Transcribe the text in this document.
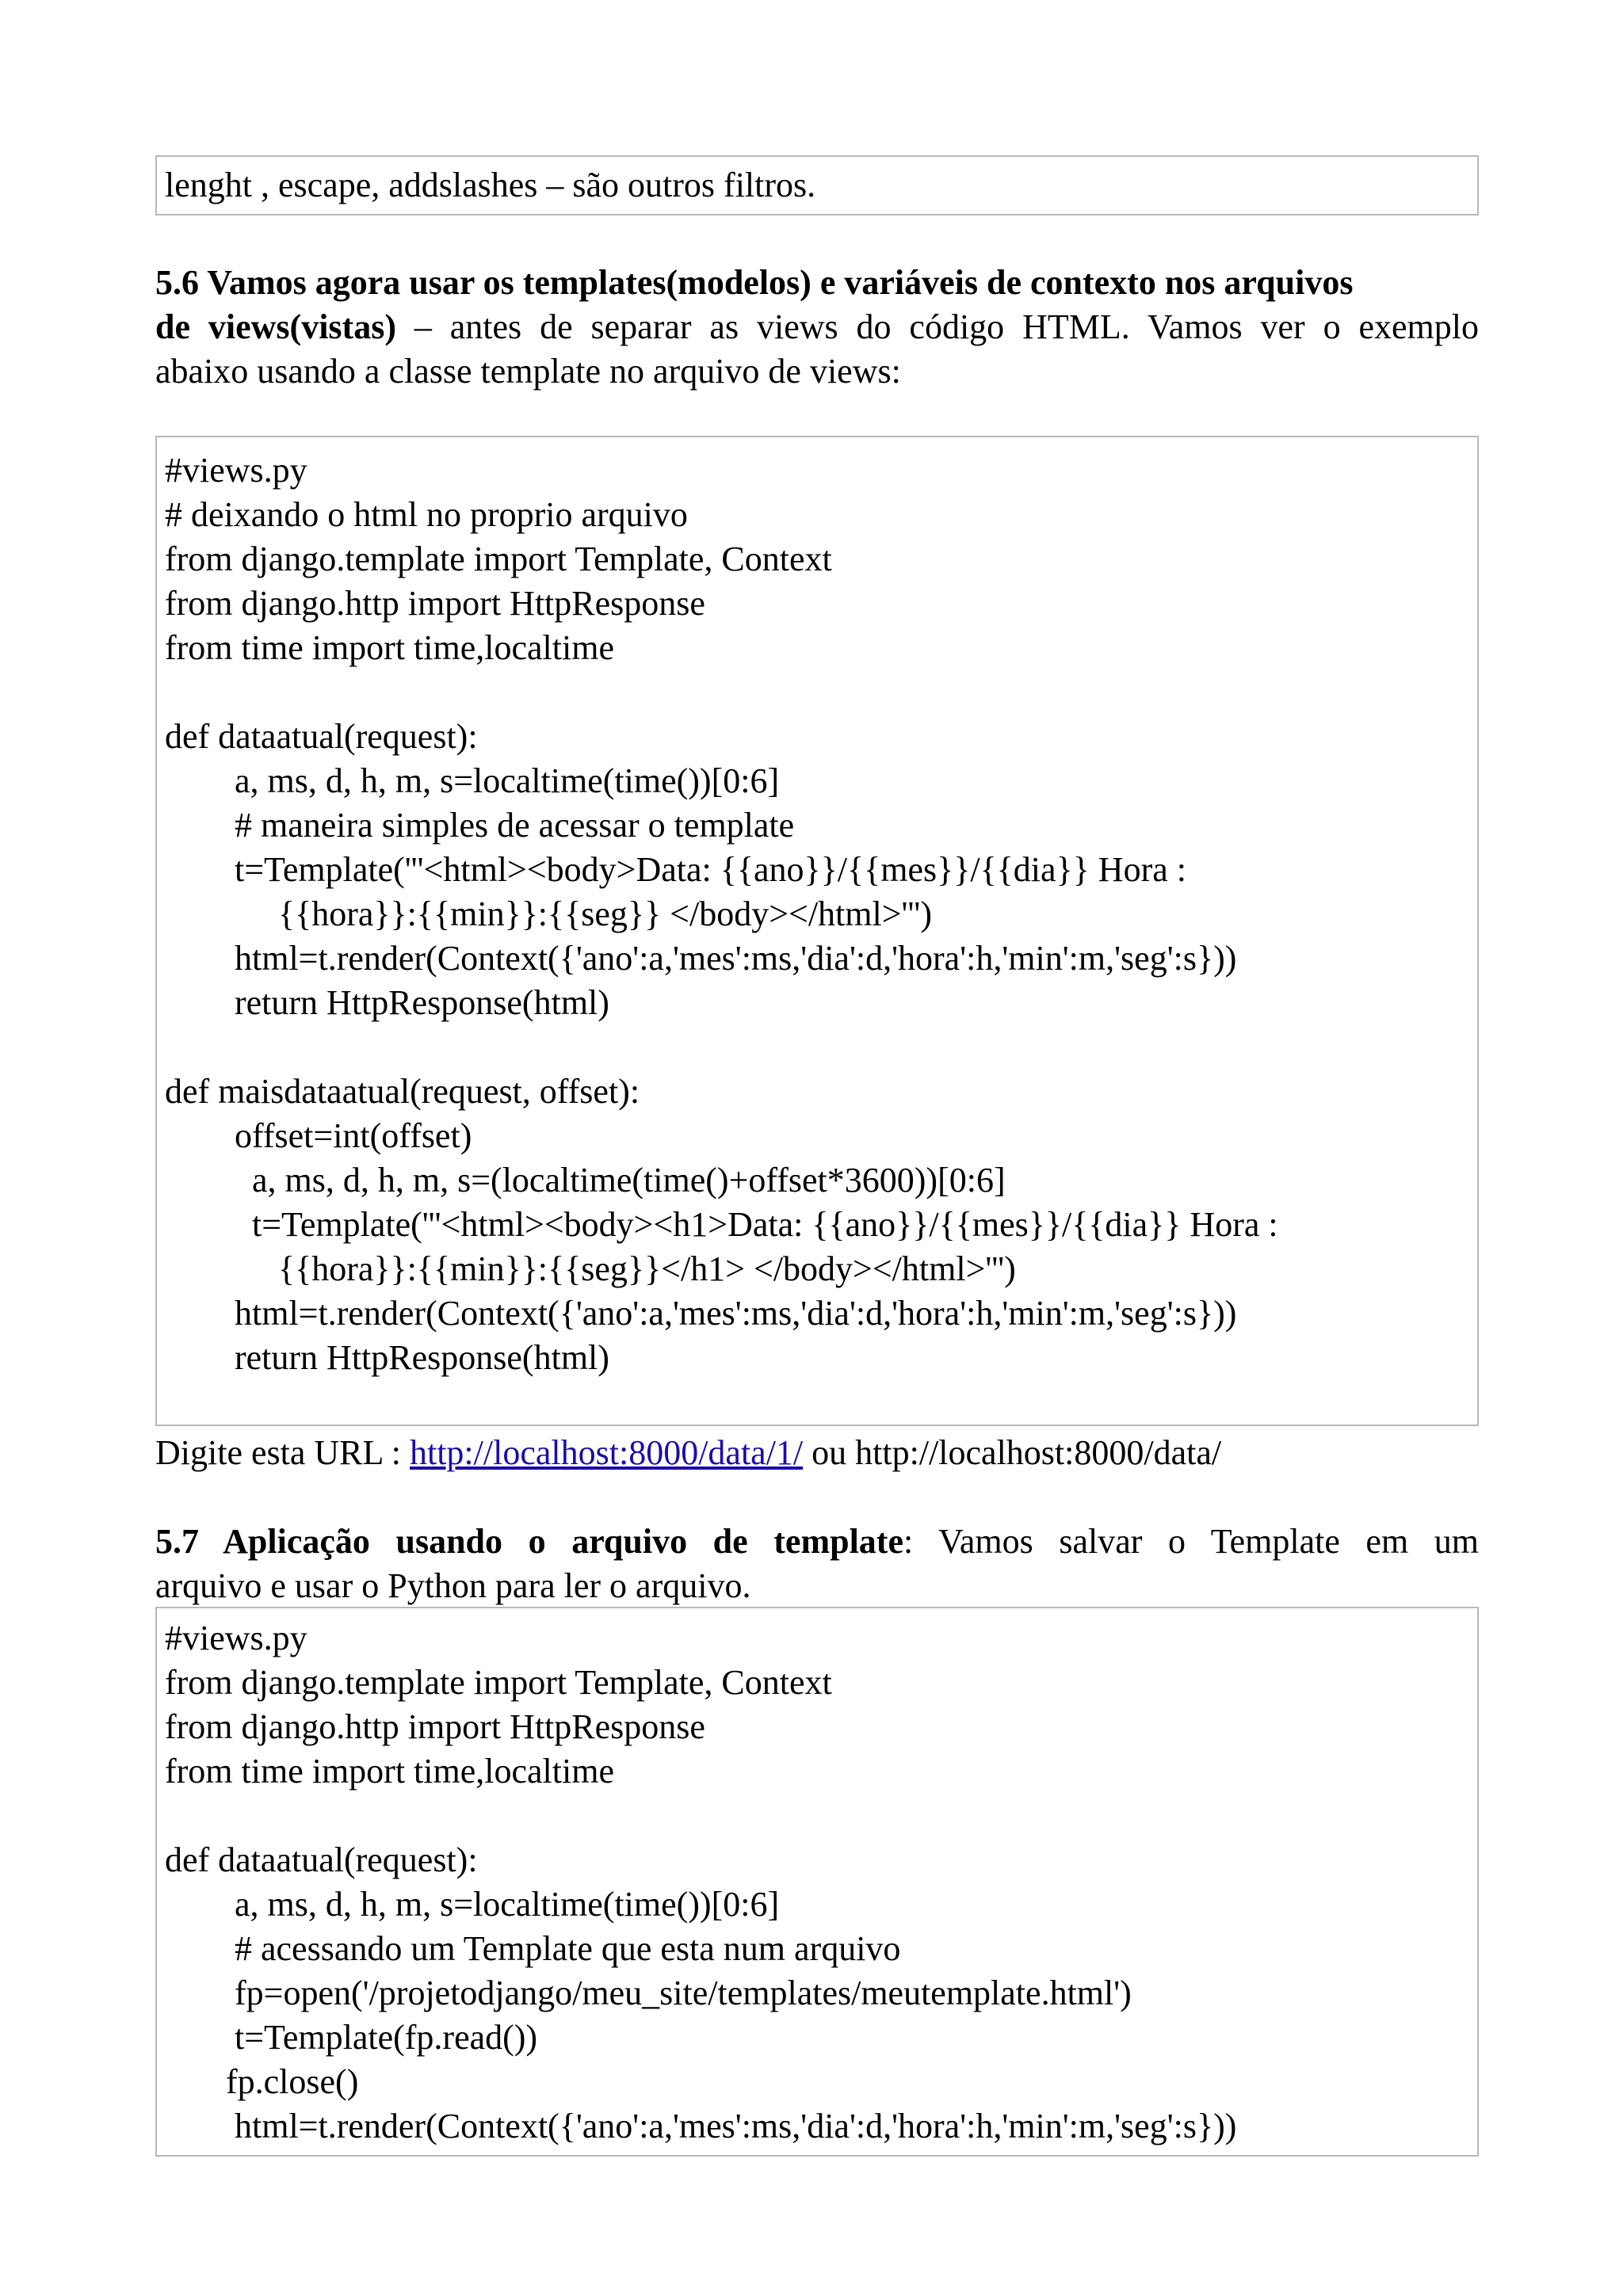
lenght , escape, addslashes – são outros filtros.
5.6 Vamos agora usar os templates(modelos) e variáveis de contexto nos arquivos
de views(vistas) – antes de separar as views do código HTML. Vamos ver o exemplo
abaixo usando a classe template no arquivo de views:
#views.py
# deixando o html no proprio arquivo
from django.template import Template, Context
from django.http import HttpResponse
from time import time,localtime
def dataatual(request):
a, ms, d, h, m, s=localtime(time())[0:6]
# maneira simples de acessar o template
t=Template('''<html><body>Data: {{ano}}/{{mes}}/{{dia}} Hora :
{{hora}}:{{min}}:{{seg}} </body></html>''')
html=t.render(Context({'ano':a,'mes':ms,'dia':d,'hora':h,'min':m,'seg':s}))
return HttpResponse(html)
def maisdataatual(request, offset):
offset=int(offset)
a, ms, d, h, m, s=(localtime(time()+offset*3600))[0:6]
t=Template('''<html><body><h1>Data: {{ano}}/{{mes}}/{{dia}} Hora :
{{hora}}:{{min}}:{{seg}}</h1> </body></html>''')
html=t.render(Context({'ano':a,'mes':ms,'dia':d,'hora':h,'min':m,'seg':s}))
return HttpResponse(html)
Digite esta URL : http://localhost:8000/data/1/ ou http://localhost:8000/data/
5.7 Aplicação usando o arquivo de template: Vamos salvar o Template em um
arquivo e usar o Python para ler o arquivo.
#views.py
from django.template import Template, Context
from django.http import HttpResponse
from time import time,localtime
def dataatual(request):
a, ms, d, h, m, s=localtime(time())[0:6]
# acessando um Template que esta num arquivo
fp=open('/projetodjango/meu_site/templates/meutemplate.html')
t=Template(fp.read())
fp.close()
html=t.render(Context({'ano':a,'mes':ms,'dia':d,'hora':h,'min':m,'seg':s}))
